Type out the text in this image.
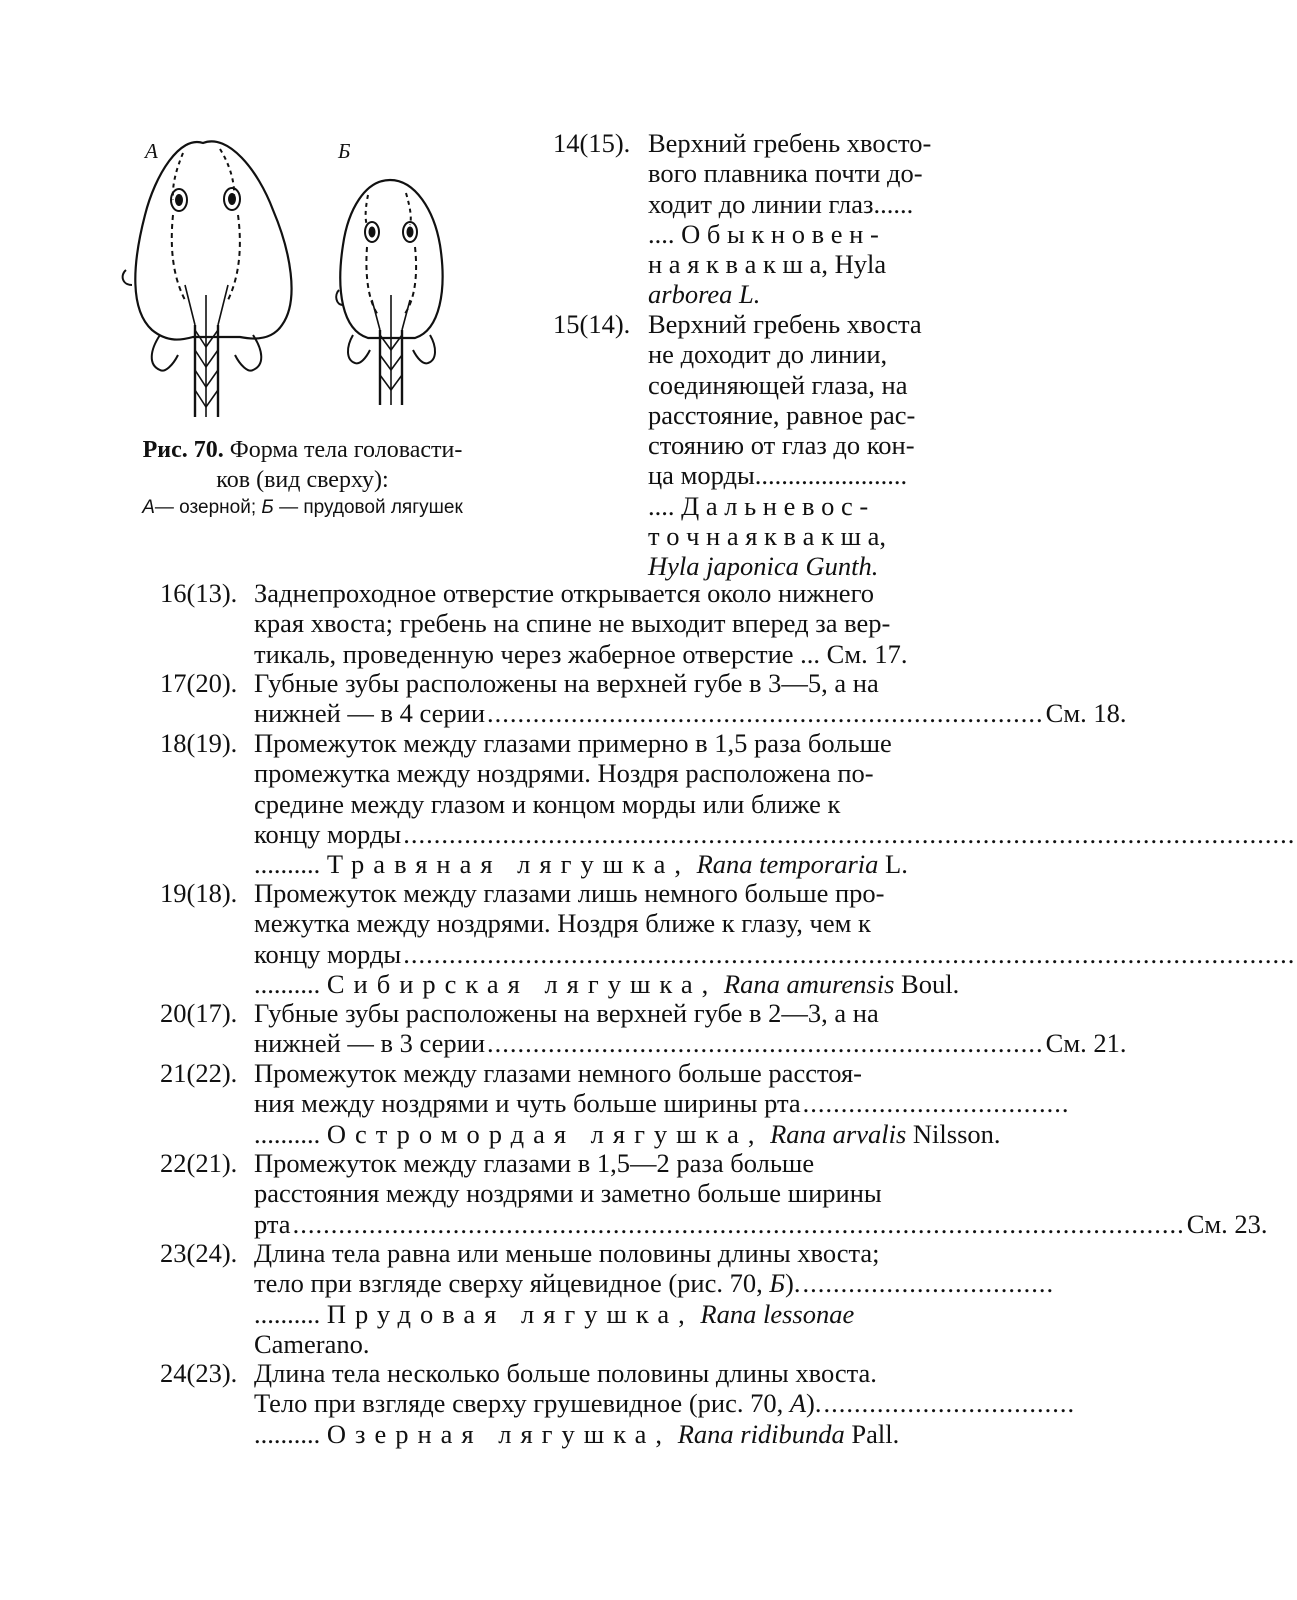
А	Б
Рис. 70. Форма тела головасти-
ков (вид сверху):
А— озерной; Б — прудовой лягушек
14(15). Верхний гребень хвосто-
вого плавника почти до-
ходит до линии глаз......
.... О б ы к н о в е н -
н а я к в а к ш а, Hyla
arborea L.
15(14). Верхний гребень хвоста
не доходит до линии,
соединяющей глаза, на
расстояние, равное рас-
стоянию от глаз до кон-
ца морды.......................
.... Д а л ь н е в о с -
т о ч н а я к в а к ш а,
Hyla japonica Gunth.
16(13). Заднепроходное отверстие открывается около нижнего
края хвоста; гребень на спине не выходит вперед за вер-
тикаль, проведенную через жаберное отверстие ... См. 17.
17(20). Губные зубы расположены на верхней губе в 3—5, а на
нижней — в 4 серии.........................................................................См. 18.
18(19). Промежуток между глазами примерно в 1,5 раза больше
промежутка между ноздрями. Ноздря расположена по-
средине между глазом и концом морды или ближе к
концу морды.....................................................................................................................
.......... Травяная лягушка, Rana temporaria L.
19(18). Промежуток между глазами лишь немного больше про-
межутка между ноздрями. Ноздря ближе к глазу, чем к
концу морды.....................................................................................................................
.......... Сибирская лягушка, Rana amurensis Boul.
20(17). Губные зубы расположены на верхней губе в 2—3, а на
нижней — в 3 серии.........................................................................См. 21.
21(22). Промежуток между глазами немного больше расстоя-
ния между ноздрями и чуть больше ширины рта...................................
.......... Остромордая лягушка, Rana arvalis Nilsson.
22(21). Промежуток между глазами в 1,5—2 раза больше
расстояния между ноздрями и заметно больше ширины
рта.....................................................................................................................См. 23.
23(24). Длина тела равна или меньше половины длины хвоста;
тело при взгляде сверху яйцевидное (рис. 70, Б)..................................
.......... Прудовая лягушка, Rana lessonae
Camerano.
24(23). Длина тела несколько больше половины длины хвоста.
Тело при взгляде сверху грушевидное (рис. 70, А)..................................
.......... Озерная лягушка, Rana ridibunda Pall.
